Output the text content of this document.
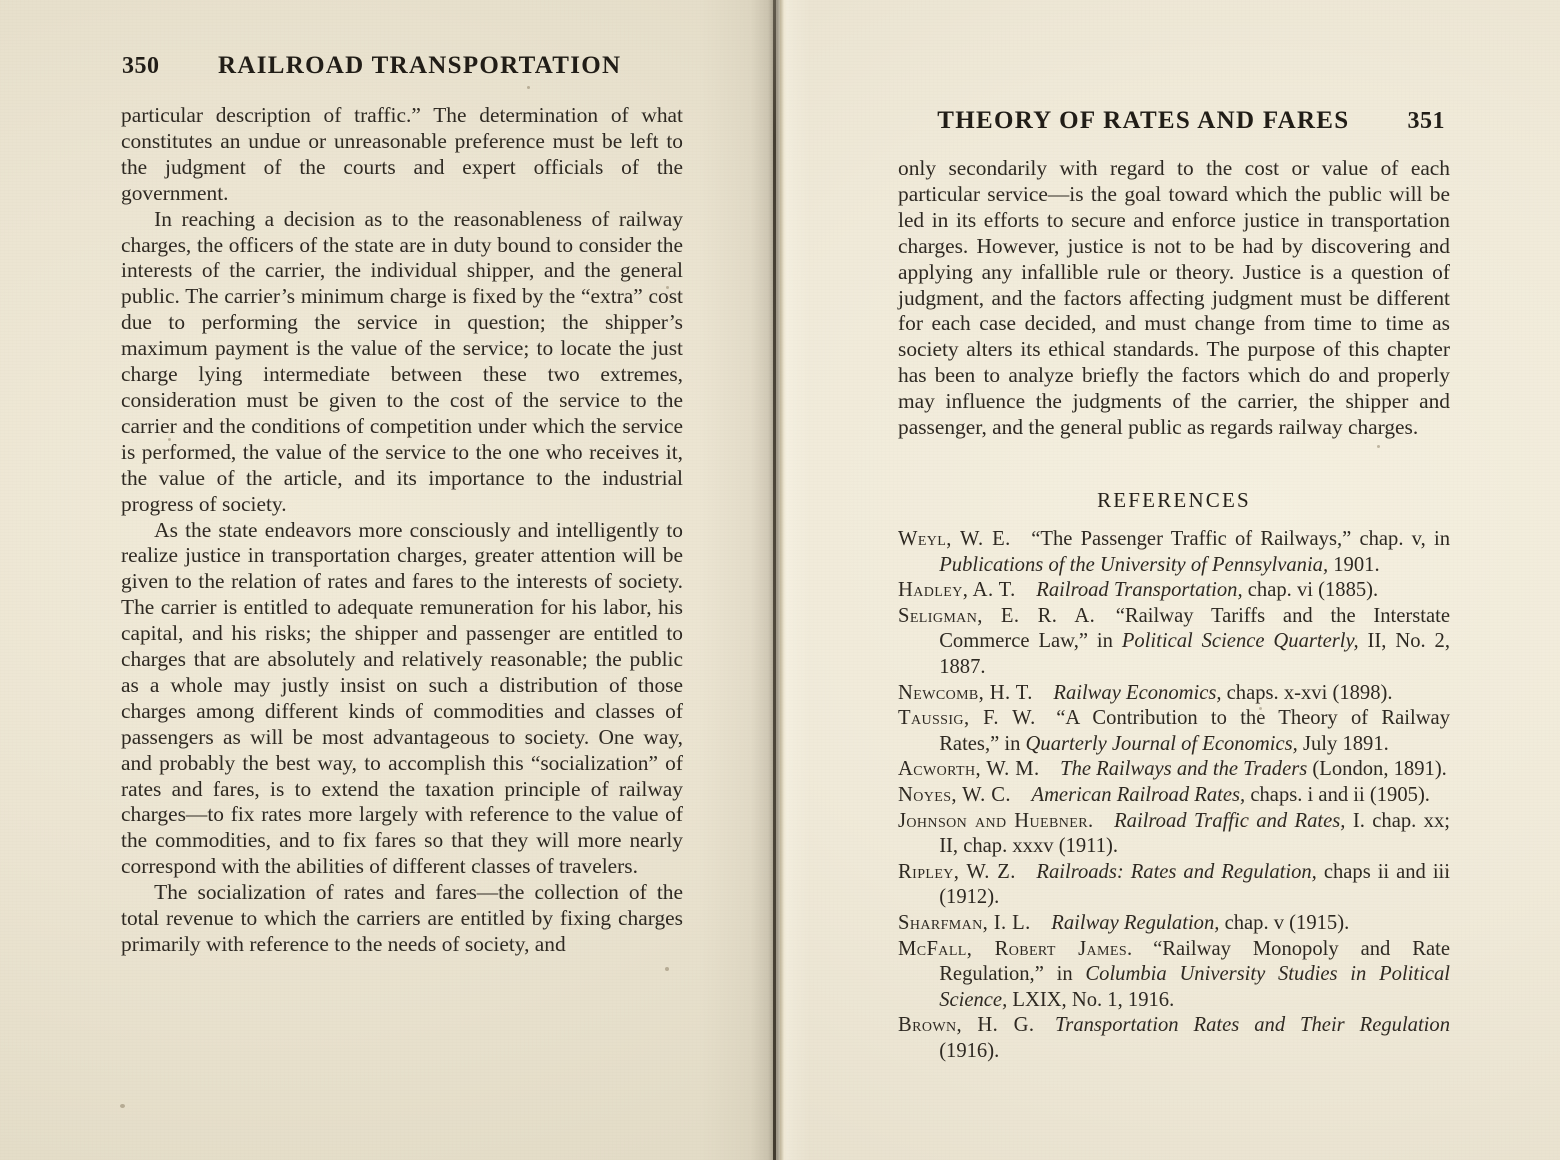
350	RAILROAD TRANSPORTATION

particular description of traffic.” The determination of what constitutes an undue or unreasonable preference must be left to the judgment of the courts and expert officials of the government.

In reaching a decision as to the reasonableness of railway charges, the officers of the state are in duty bound to consider the interests of the carrier, the individual shipper, and the general public. The carrier’s minimum charge is fixed by the “extra” cost due to performing the service in question; the shipper’s maximum payment is the value of the service; to locate the just charge lying intermediate between these two extremes, consideration must be given to the cost of the service to the carrier and the conditions of competition under which the service is performed, the value of the service to the one who receives it, the value of the article, and its importance to the industrial progress of society.

As the state endeavors more consciously and intelligently to realize justice in transportation charges, greater attention will be given to the relation of rates and fares to the interests of society. The carrier is entitled to adequate remuneration for his labor, his capital, and his risks; the shipper and passenger are entitled to charges that are absolutely and relatively reasonable; the public as a whole may justly insist on such a distribution of those charges among different kinds of commodities and classes of passengers as will be most advantageous to society. One way, and probably the best way, to accomplish this “socialization” of rates and fares, is to extend the taxation principle of railway charges—to fix rates more largely with reference to the value of the commodities, and to fix fares so that they will more nearly correspond with the abilities of different classes of travelers.

The socialization of rates and fares—the collection of the total revenue to which the carriers are entitled by fixing charges primarily with reference to the needs of society, and

THEORY OF RATES AND FARES 351

only secondarily with regard to the cost or value of each particular service—is the goal toward which the public will be led in its efforts to secure and enforce justice in transportation charges. However, justice is not to be had by discovering and applying any infallible rule or theory. Justice is a question of judgment, and the factors affecting judgment must be different for each case decided, and must change from time to time as society alters its ethical standards. The purpose of this chapter has been to analyze briefly the factors which do and properly may influence the judgments of the carrier, the shipper and passenger, and the general public as regards railway charges.

REFERENCES

Weyl, W. E.   “The Passenger Traffic of Railways,” chap. v, in Publications of the University of Pennsylvania, 1901.

Hadley, A. T.   Railroad Transportation, chap. vi (1885).

Seligman, E. R. A.   “Railway Tariffs and the Interstate Commerce Law,” in Political Science Quarterly, II, No. 2, 1887.

Newcomb, H. T.   Railway Economics, chaps. x-xvi (1898).

Taussig, F. W.   “A Contribution to the Theory of Railway Rates,” in Quarterly Journal of Economics, July 1891.

Acworth, W. M.   The Railways and the Traders (London, 1891).

Noyes, W. C.   American Railroad Rates, chaps. i and ii (1905).

Johnson and Huebner.   Railroad Traffic and Rates, I. chap. xx; II, chap. xxxv (1911).

Ripley, W. Z.   Railroads: Rates and Regulation, chaps ii and iii (1912).

Sharfman, I. L.   Railway Regulation, chap. v (1915).

McFall, Robert James.   “Railway Monopoly and Rate Regulation,” in Columbia University Studies in Political Science, LXIX, No. 1, 1916.

Brown, H. G.   Transportation Rates and Their Regulation (1916).
